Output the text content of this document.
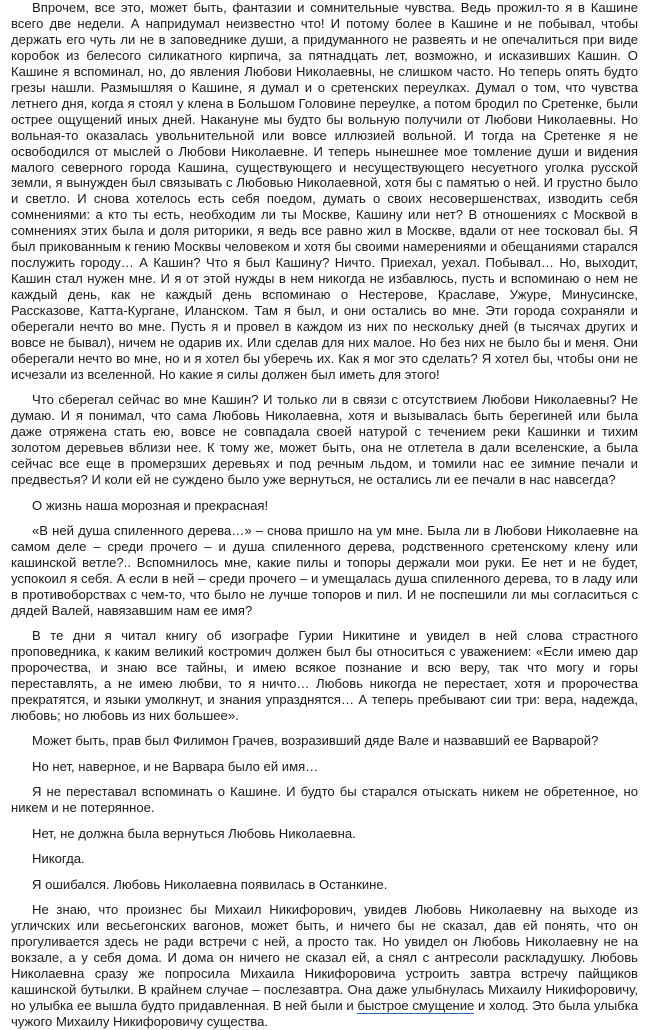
Впрочем, все это, может быть, фантазии и сомнительные чувства. Ведь прожил-то я в Кашине всего две недели. А напридумал неизвестно что! И потому более в Кашине и не побывал, чтобы держать его чуть ли не в заповеднике души, а придуманного не развеять и не опечалиться при виде коробок из белесого силикатного кирпича, за пятнадцать лет, возможно, и исказивших Кашин. О Кашине я вспоминал, но, до явления Любови Николаевны, не слишком часто. Но теперь опять будто грезы нашли. Размышляя о Кашине, я думал и о сретенских переулках. Думал о том, что чувства летнего дня, когда я стоял у клена в Большом Головине переулке, а потом бродил по Сретенке, были острее ощущений иных дней. Накануне мы будто бы вольную получили от Любови Николаевны. Но вольная-то оказалась увольнительной или вовсе иллюзией вольной. И тогда на Сретенке я не освободился от мыслей о Любови Николаевне. И теперь нынешнее мое томление души и видения малого северного города Кашина, существующего и несуществующего несуетного уголка русской земли, я вынужден был связывать с Любовью Николаевной, хотя бы с памятью о ней. И грустно было и светло. И снова хотелось есть себя поедом, думать о своих несовершенствах, изводить себя сомнениями: а кто ты есть, необходим ли ты Москве, Кашину или нет? В отношениях с Москвой в сомнениях этих была и доля риторики, я ведь все равно жил в Москве, вдали от нее тосковал бы. Я был прикованным к гению Москвы человеком и хотя бы своими намерениями и обещаниями старался послужить городу… А Кашин? Что я был Кашину? Ничто. Приехал, уехал. Побывал… Но, выходит, Кашин стал нужен мне. И я от этой нужды в нем никогда не избавлюсь, пусть и вспоминаю о нем не каждый день, как не каждый день вспоминаю о Нестерове, Краславе, Ужуре, Минусинске, Рассказове, Катта-Кургане, Иланском. Там я был, и они остались во мне. Эти города сохраняли и оберегали нечто во мне. Пусть я и провел в каждом из них по нескольку дней (в тысячах других и вовсе не бывал), ничем не одарив их. Или сделав для них малое. Но без них не было бы и меня. Они оберегали нечто во мне, но и я хотел бы уберечь их. Как я мог это сделать? Я хотел бы, чтобы они не исчезали из вселенной. Но какие я силы должен был иметь для этого!

Что сберегал сейчас во мне Кашин? И только ли в связи с отсутствием Любови Николаевны? Не думаю. И я понимал, что сама Любовь Николаевна, хотя и вызывалась быть берегиней или была даже отряжена стать ею, вовсе не совпадала своей натурой с течением реки Кашинки и тихим золотом деревьев вблизи нее. К тому же, может быть, она не отлетела в дали вселенские, а была сейчас все еще в промерзших деревьях и под речным льдом, и томили нас ее зимние печали и предвестья? И коли ей не суждено было уже вернуться, не остались ли ее печали в нас навсегда?

О жизнь наша морозная и прекрасная!

«В ней душа спиленного дерева…» – снова пришло на ум мне. Была ли в Любови Николаевне на самом деле – среди прочего – и душа спиленного дерева, родственного сретенскому клену или кашинской ветле?.. Вспомнилось мне, какие пилы и топоры держали мои руки. Ее нет и не будет, успокоил я себя. А если в ней – среди прочего – и умещалась душа спиленного дерева, то в ладу или в противоборствах с чем-то, что было не лучше топоров и пил. И не поспешили ли мы согласиться с дядей Валей, навязавшим нам ее имя?

В те дни я читал книгу об изографе Гурии Никитине и увидел в ней слова страстного проповедника, к каким великий костромич должен был бы относиться с уважением: «Если имею дар пророчества, и знаю все тайны, и имею всякое познание и всю веру, так что могу и горы переставлять, а не имею любви, то я ничто… Любовь никогда не перестает, хотя и пророчества прекратятся, и языки умолкнут, и знания упразднятся… А теперь пребывают сии три: вера, надежда, любовь; но любовь из них большее».

Может быть, прав был Филимон Грачев, возразивший дяде Вале и назвавший ее Варварой?

Но нет, наверное, и не Варвара было ей имя…

Я не переставал вспоминать о Кашине. И будто бы старался отыскать никем не обретенное, но никем и не потерянное.

Нет, не должна была вернуться Любовь Николаевна.

Никогда.

Я ошибался. Любовь Николаевна появилась в Останкине.

Не знаю, что произнес бы Михаил Никифорович, увидев Любовь Николаевну на выходе из угличских или весьегонских вагонов, может быть, и ничего бы не сказал, дав ей понять, что он прогуливается здесь не ради встречи с ней, а просто так. Но увидел он Любовь Николаевну не на вокзале, а у себя дома. И дома он ничего не сказал ей, а снял с антресоли раскладушку. Любовь Николаевна сразу же попросила Михаила Никифоровича устроить завтра встречу пайщиков кашинской бутылки. В крайнем случае – послезавтра. Она даже улыбнулась Михаилу Никифоровичу, но улыбка ее вышла будто придавленная. В ней были и быстрое смущение и холод. Это была улыбка чужого Михаилу Никифоровичу существа.
